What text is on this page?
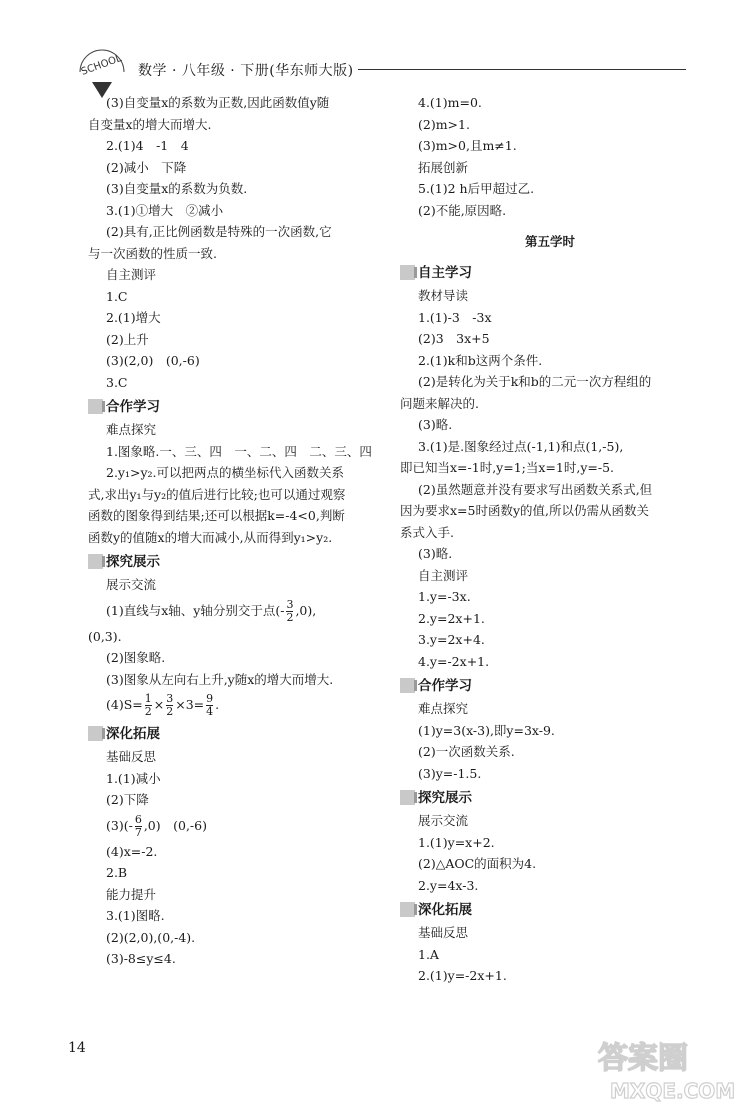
SCHOOL 数学 · 八年级 · 下册(华东师大版)
(3)自变量x的系数为正数,因此函数值y随
自变量x的增大而增大.
2.(1)4　-1　4
(2)减小　下降
(3)自变量x的系数为负数.
3.(1)①增大　②减小
(2)具有,正比例函数是特殊的一次函数,它
与一次函数的性质一致.
自主测评
1.C
2.(1)增大
(2)上升
(3)(2,0)　(0,-6)
3.C
合作学习
难点探究
1.图象略.一、三、四　一、二、四　二、三、四
2.y₁>y₂.可以把两点的横坐标代入函数关系
式,求出y₁与y₂的值后进行比较;也可以通过观察
函数的图象得到结果;还可以根据k=-4<0,判断
函数y的值随x的增大而减小,从而得到y₁>y₂.
探究展示
展示交流
(1)直线与x轴、y轴分别交于点(- $\frac{3}{2} ,0$),
(0,3).
(2)图象略.
(3)图象从左向右上升,y随x的增大而增大.
$(4)S= \frac{1}{2} \times \frac{3}{2} \times 3= \frac{9}{4}$ .
深化拓展
基础反思
1.(1)减小
(2)下降
$(3)(- \frac{6}{7} ,0)$　(0,-6)
(4)x=-2.
2.B
能力提升
3.(1)图略.
(2)(2,0),(0,-4).
(3)-8≤y≤4.
4.(1)m=0.
(2)m>1.
(3)m>0,且m≠1.
拓展创新
5.(1)2 h后甲超过乙.
(2)不能,原因略.
第五学时
自主学习
教材导读
1.(1)-3　-3x
(2)3　3x+5
2.(1)k和b这两个条件.
(2)是转化为关于k和b的二元一次方程组的
问题来解决的.
(3)略.
3.(1)是.图象经过点(-1,1)和点(1,-5),
即已知当x=-1时,y=1;当x=1时,y=-5.
(2)虽然题意并没有要求写出函数关系式,但
因为要求x=5时函数y的值,所以仍需从函数关
系式入手.
(3)略.
自主测评
1.y=-3x.
2.y=2x+1.
3.y=2x+4.
4.y=-2x+1.
合作学习
难点探究
(1)y=3(x-3),即y=3x-9.
(2)一次函数关系.
(3)y=-1.5.
探究展示
展示交流
1.(1)y=x+2.
(2)△AOC的面积为4.
2.y=4x-3.
深化拓展
基础反思
1.A
2.(1)y=-2x+1.
14	答案圈
MXQE.COM
